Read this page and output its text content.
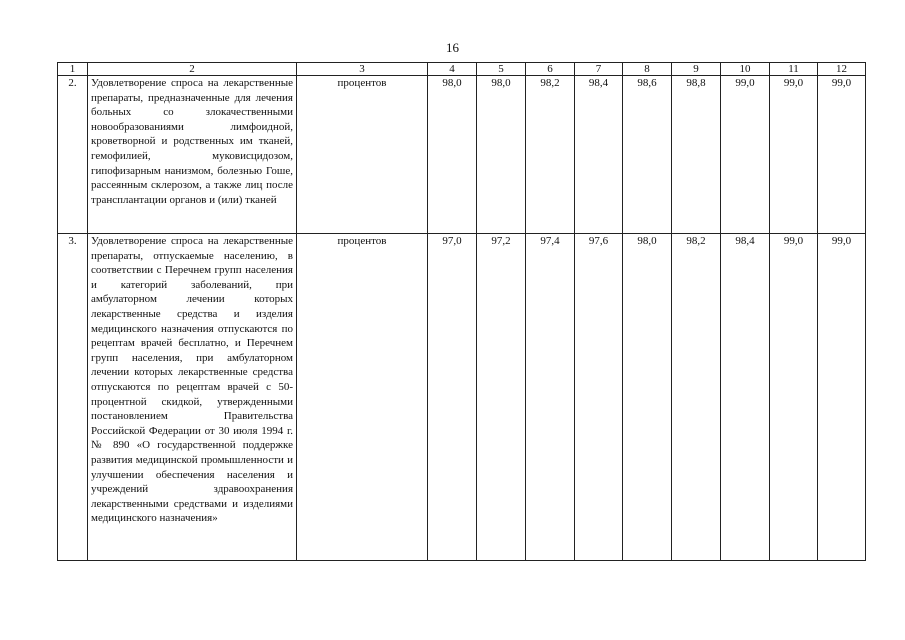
16
1	2	3	4	5	6	7	8	9	10	11	12
2.	Удовлетворение спроса на лекарственные препараты, предназначенные для лечения больных со злокачественными новообразованиями лимфоидной, кроветворной и родственных им тканей, гемофилией, муковисцидозом, гипофизарным нанизмом, болезнью Гоше, рассеянным склерозом, а также лиц после трансплантации органов и (или) тканей	процентов	98,0	98,0	98,2	98,4	98,6	98,8	99,0	99,0	99,0
3.	Удовлетворение спроса на лекарственные препараты, отпускаемые населению, в соответствии с Перечнем групп населения и категорий заболеваний, при амбулаторном лечении которых лекарственные средства и изделия медицинского назначения отпускаются по рецептам врачей бесплатно, и Перечнем групп населения, при амбулаторном лечении которых лекарственные средства отпускаются по рецептам врачей с 50-процентной скидкой, утвержденными постановлением Правительства Российской Федерации от 30 июля 1994 г. № 890 «О государственной поддержке развития медицинской промышленности и улучшении обеспечения населения и учреждений здравоохранения лекарственными средствами и изделиями медицинского назначения»	процентов	97,0	97,2	97,4	97,6	98,0	98,2	98,4	99,0	99,0
